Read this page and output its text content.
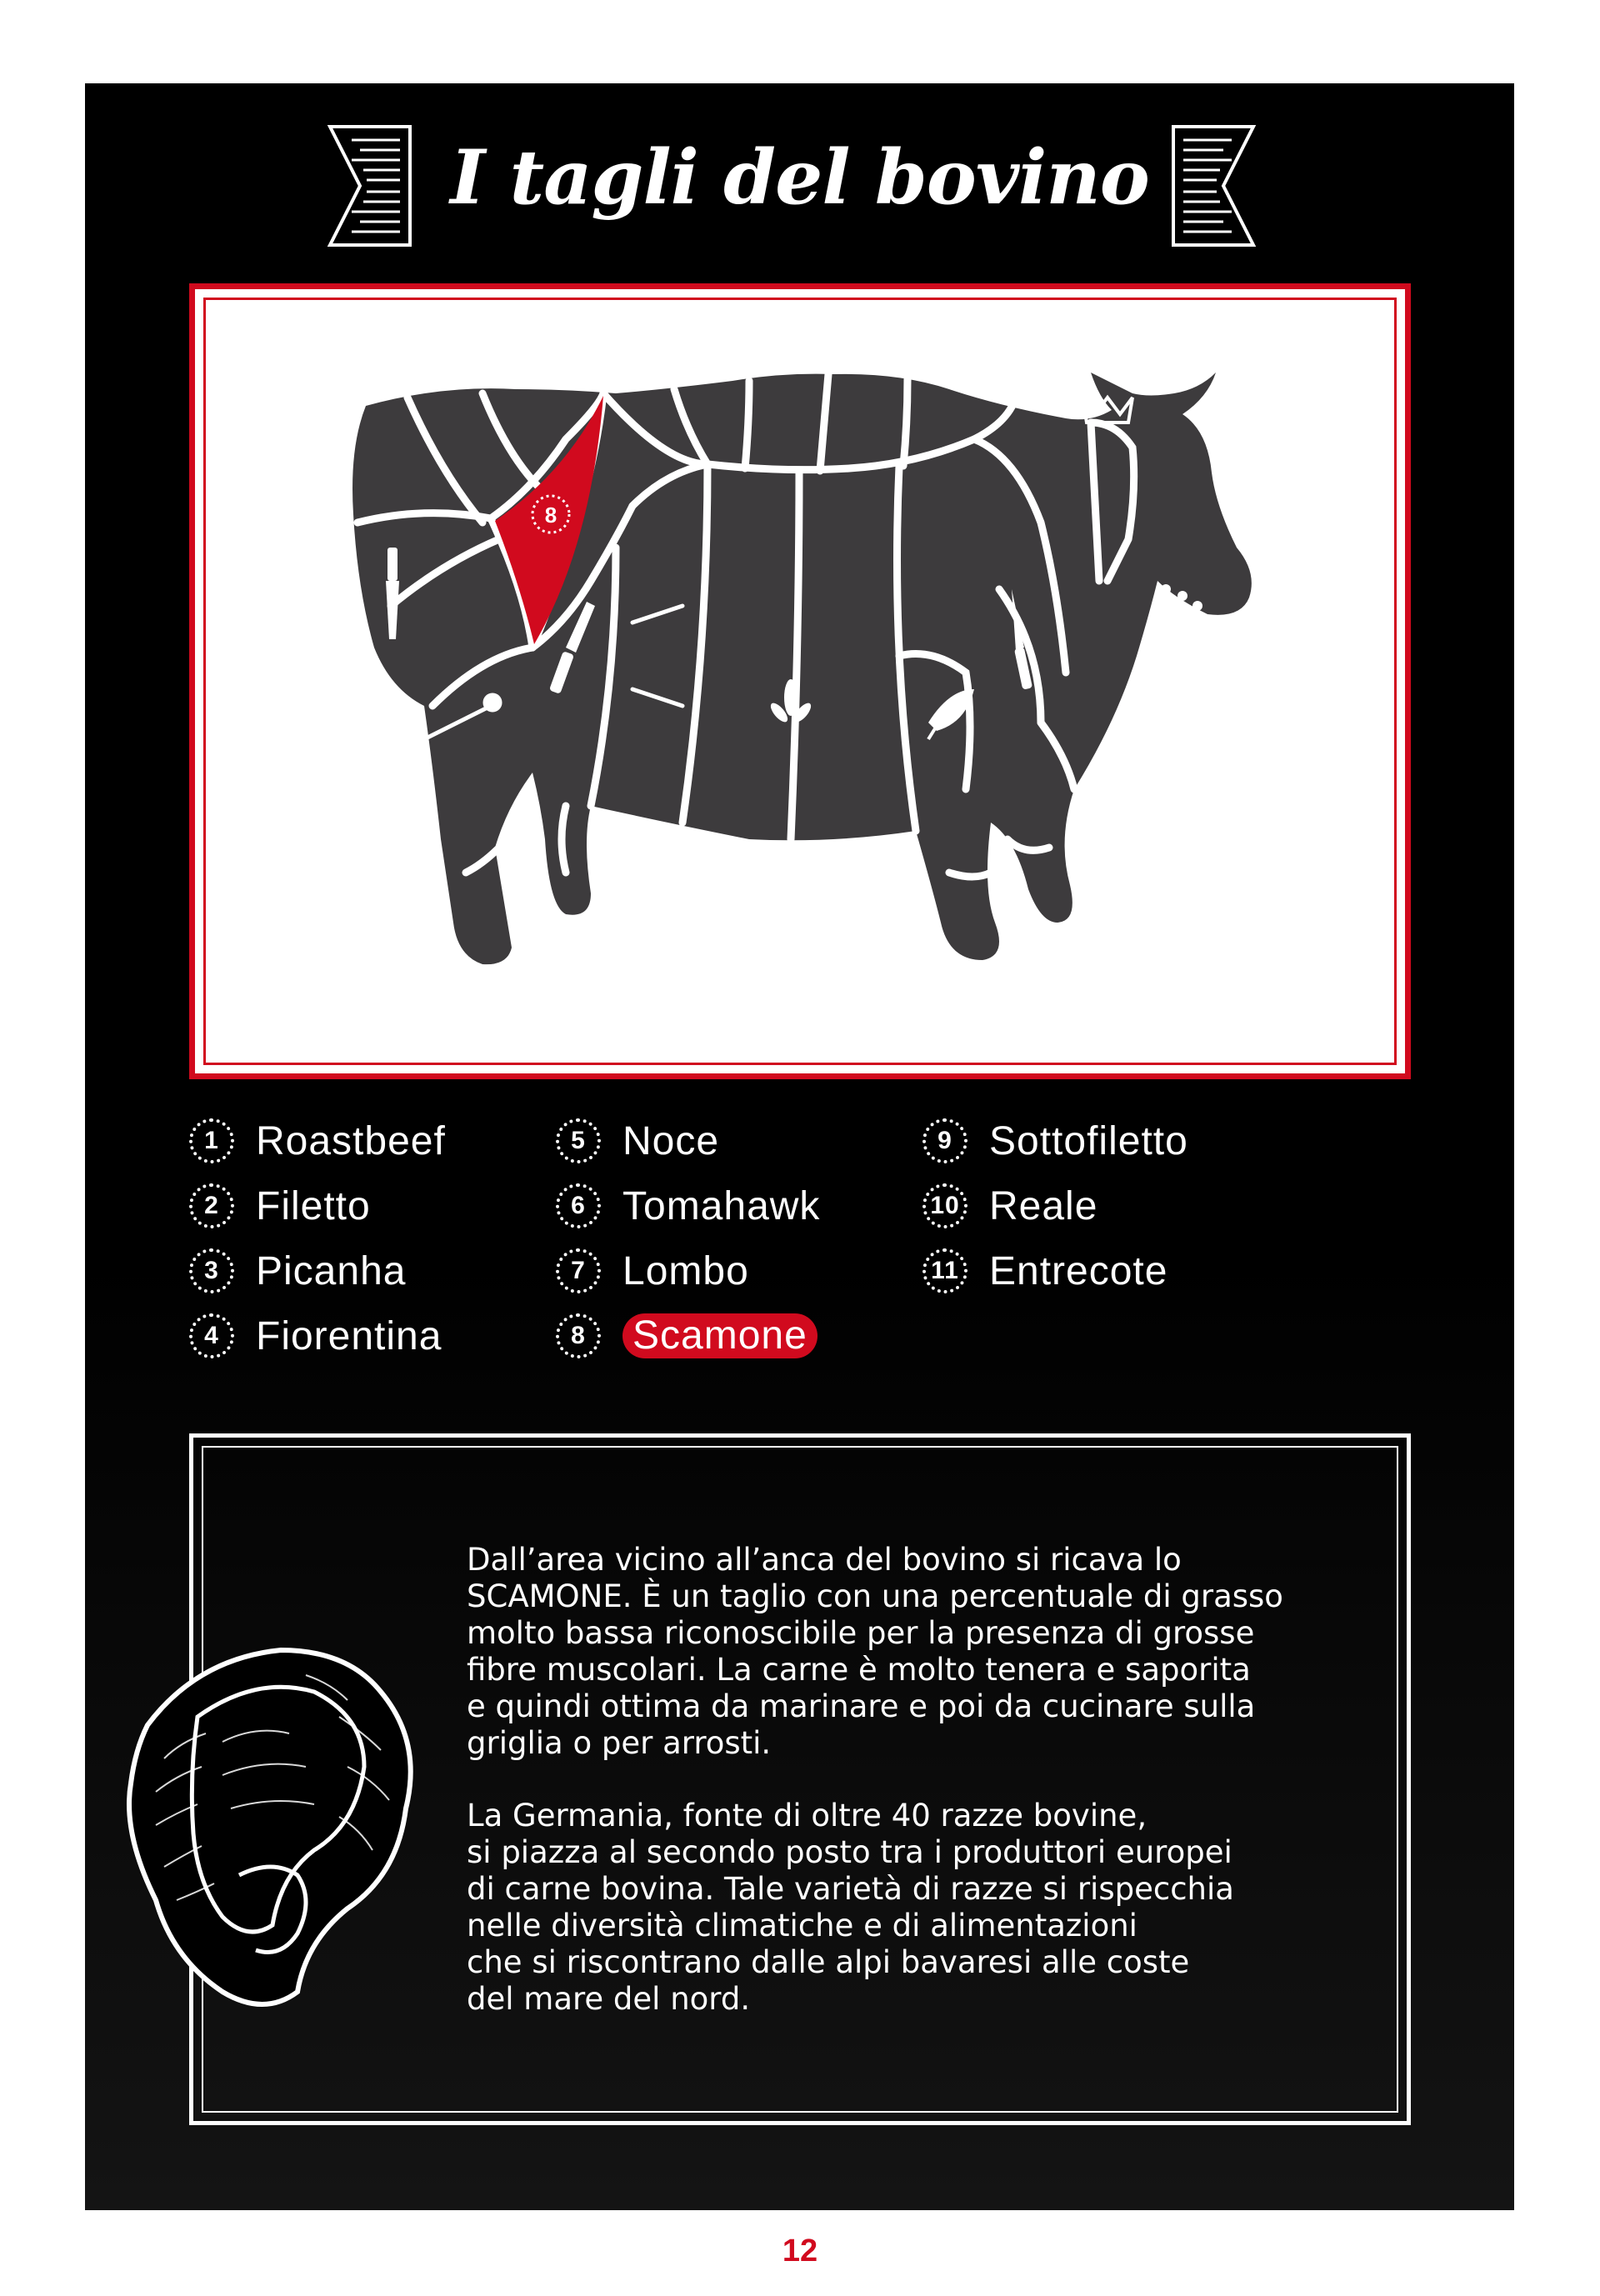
I tagli del bovino
8
1 Roastbeef
2 Filetto
3 Picanha
4 Fiorentina
5 Noce
6 Tomahawk
7 Lombo
8	Scamone
9 Sottofiletto
10 Reale
11 Entrecote

Dall’area vicino all’anca del bovino si ricava lo
SCAMONE. È un taglio con una percentuale di grasso
molto bassa riconoscibile per la presenza di grosse
fibre muscolari. La carne è molto tenera e saporita
e quindi ottima da marinare e poi da cucinare sulla
griglia o per arrosti.

La Germania, fonte di oltre 40 razze bovine,
si piazza al secondo posto tra i produttori europei
di carne bovina. Tale varietà di razze si rispecchia
nelle diversità climatiche e di alimentazioni
che si riscontrano dalle alpi bavaresi alle coste
del mare del nord.

12
